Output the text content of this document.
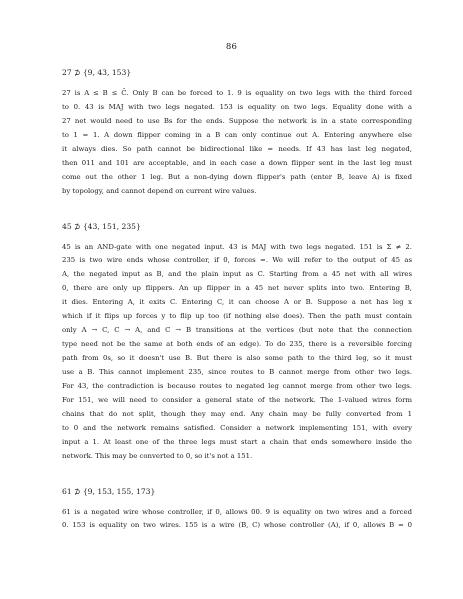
86
27 ⊅ {9, 43, 153}
27 is A ≤ B ≤ C̄. Only B can be forced to 1. 9 is equality on two legs with the third forced
to 0. 43 is MAJ with two legs negated. 153 is equality on two legs. Equality done with a
27 net would need to use Bs for the ends. Suppose the network is in a state corresponding
to 1 = 1. A down flipper coming in a B can only continue out A. Entering anywhere else
it always dies. So path cannot be bidirectional like = needs. If 43 has last leg negated,
then 011 and 101 are acceptable, and in each case a down flipper sent in the last leg must
come out the other 1 leg. But a non-dying down flipper's path (enter B, leave A) is fixed
by topology, and cannot depend on current wire values.
45 ⊅ {43, 151, 235}
45 is an AND-gate with one negated input. 43 is MAJ with two legs negated. 151 is Σ ≠ 2.
235 is two wire ends whose controller, if 0, forces =. We will refer to the output of 45 as
A, the negated input as B, and the plain input as C. Starting from a 45 net with all wires
0, there are only up flippers. An up flipper in a 45 net never splits into two. Entering B,
it dies. Entering A, it exits C. Entering C, it can choose A or B. Suppose a net has leg x
which if it flips up forces y to flip up too (if nothing else does). Then the path must contain
only A → C, C → A, and C → B transitions at the vertices (but note that the connection
type need not be the same at both ends of an edge). To do 235, there is a reversible forcing
path from 0s, so it doesn't use B. But there is also some path to the third leg, so it must
use a B. This cannot implement 235, since routes to B cannot merge from other two legs.
For 43, the contradiction is because routes to negated leg cannot merge from other two legs.
For 151, we will need to consider a general state of the network. The 1-valued wires form
chains that do not split, though they may end. Any chain may be fully converted from 1
to 0 and the network remains satisfied. Consider a network implementing 151, with every
input a 1. At least one of the three legs must start a chain that ends somewhere inside the
network. This may be converted to 0, so it's not a 151.
61 ⊅ {9, 153, 155, 173}
61 is a negated wire whose controller, if 0, allows 00. 9 is equality on two wires and a forced
0. 153 is equality on two wires. 155 is a wire (B, C) whose controller (A), if 0, allows B = 0
